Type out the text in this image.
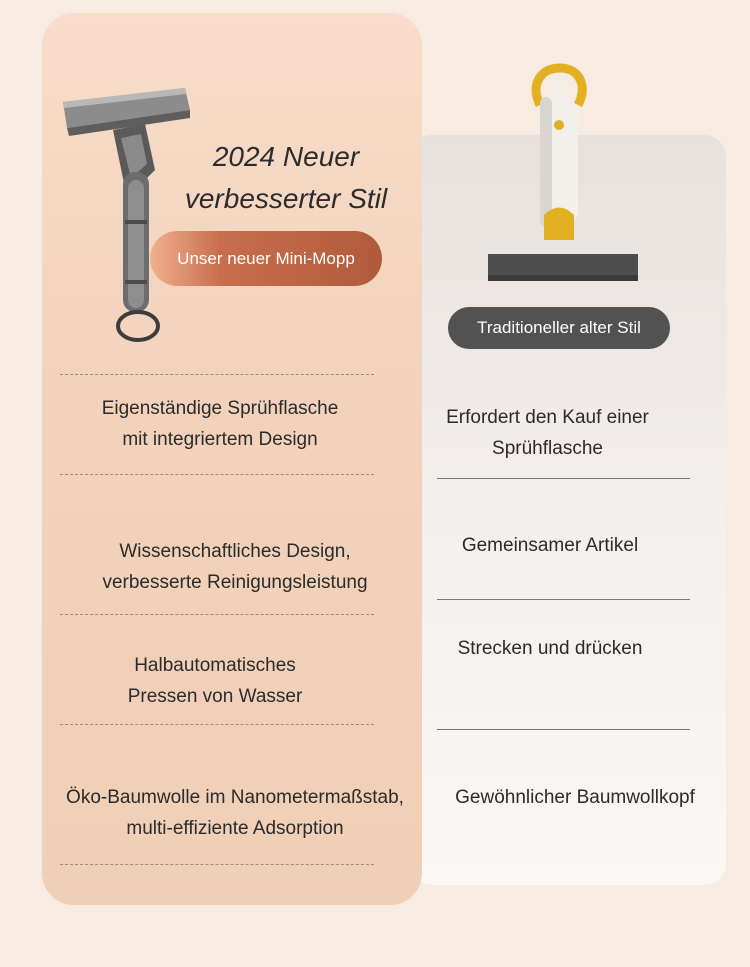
2024 Neuer
verbesserter Stil
Unser neuer Mini-Mopp
Traditioneller alter Stil
Eigenständige Sprühflasche
mit integriertem Design
Wissenschaftliches Design,
verbesserte Reinigungsleistung
Halbautomatisches
Pressen von Wasser
Öko-Baumwolle im Nanometermaßstab,
multi-effiziente Adsorption
Erfordert den Kauf einer
Sprühflasche
Gemeinsamer Artikel
Strecken und drücken
Gewöhnlicher Baumwollkopf
